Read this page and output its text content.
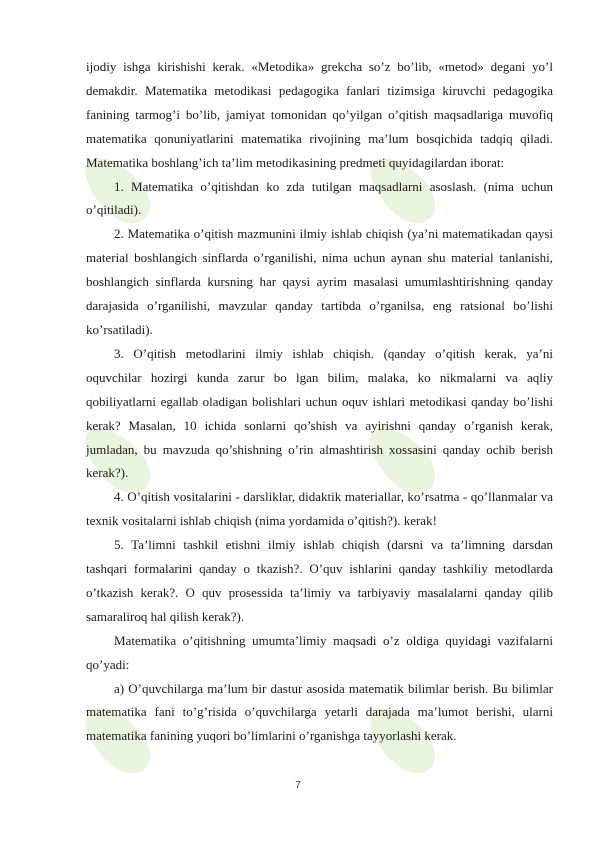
ijodiy ishga kirishishi kerak. «Metodika» grekcha so’z bo’lib, «metod» degani yo’l demakdir. Matematika metodikasi pedagogika fanlari tizimsiga kiruvchi pedagogika fanining tarmog’i bo’lib, jamiyat tomonidan qo’yilgan o’qitish maqsadlariga muvofiq matematika qonuniyatlarini matematika rivojining ma’lum bosqichida tadqiq qiladi. Matematika boshlang’ich ta’lim metodikasining predmeti quyidagilardan iborat:

1. Matematika o’qitishdan ko zda tutilgan maqsadlarni asoslash. (nima uchun o’qitiladi).

2. Matematika o’qitish mazmunini ilmiy ishlab chiqish (ya’ni matematikadan qaysi material boshlangich sinflarda o’rganilishi, nima uchun aynan shu material tanlanishi, boshlangich sinflarda kursning har qaysi ayrim masalasi umumlashtirishning qanday darajasida o’rganilishi, mavzular qanday tartibda o’rganilsa, eng ratsional bo’lishi ko’rsatiladi).

3. O’qitish metodlarini ilmiy ishlab chiqish. (qanday o’qitish kerak, ya’ni oquvchilar hozirgi kunda zarur bo lgan bilim, malaka, ko nikmalarni va aqliy qobiliyatlarni egallab oladigan bolishlari uchun oquv ishlari metodikasi qanday bo’lishi kerak? Masalan, 10 ichida sonlarni qo’shish va ayirishni qanday o’rganish kerak, jumladan, bu mavzuda qo’shishning o’rin almashtirish xossasini qanday ochib berish kerak?).

4. O’qitish vositalarini - darsliklar, didaktik materiallar, ko’rsatma - qo’llanmalar va texnik vositalarni ishlab chiqish (nima yordamida o’qitish?). kerak!

5. Ta’limni tashkil etishni ilmiy ishlab chiqish (darsni va ta’limning darsdan tashqari formalarini qanday o tkazish?. O’quv ishlarini qanday tashkiliy metodlarda o’tkazish kerak?. O quv prosessida ta’limiy va tarbiyaviy masalalarni qanday qilib samaraliroq hal qilish kerak?).

Matematika o’qitishning umumta’limiy maqsadi o’z oldiga quyidagi vazifalarni qo’yadi:

a) O’quvchilarga ma’lum bir dastur asosida matematik bilimlar berish. Bu bilimlar matematika fani to’g’risida o’quvchilarga yetarli darajada ma’lumot berishi, ularni matematika fanining yuqori bo’limlarini o’rganishga tayyorlashi kerak.

7
